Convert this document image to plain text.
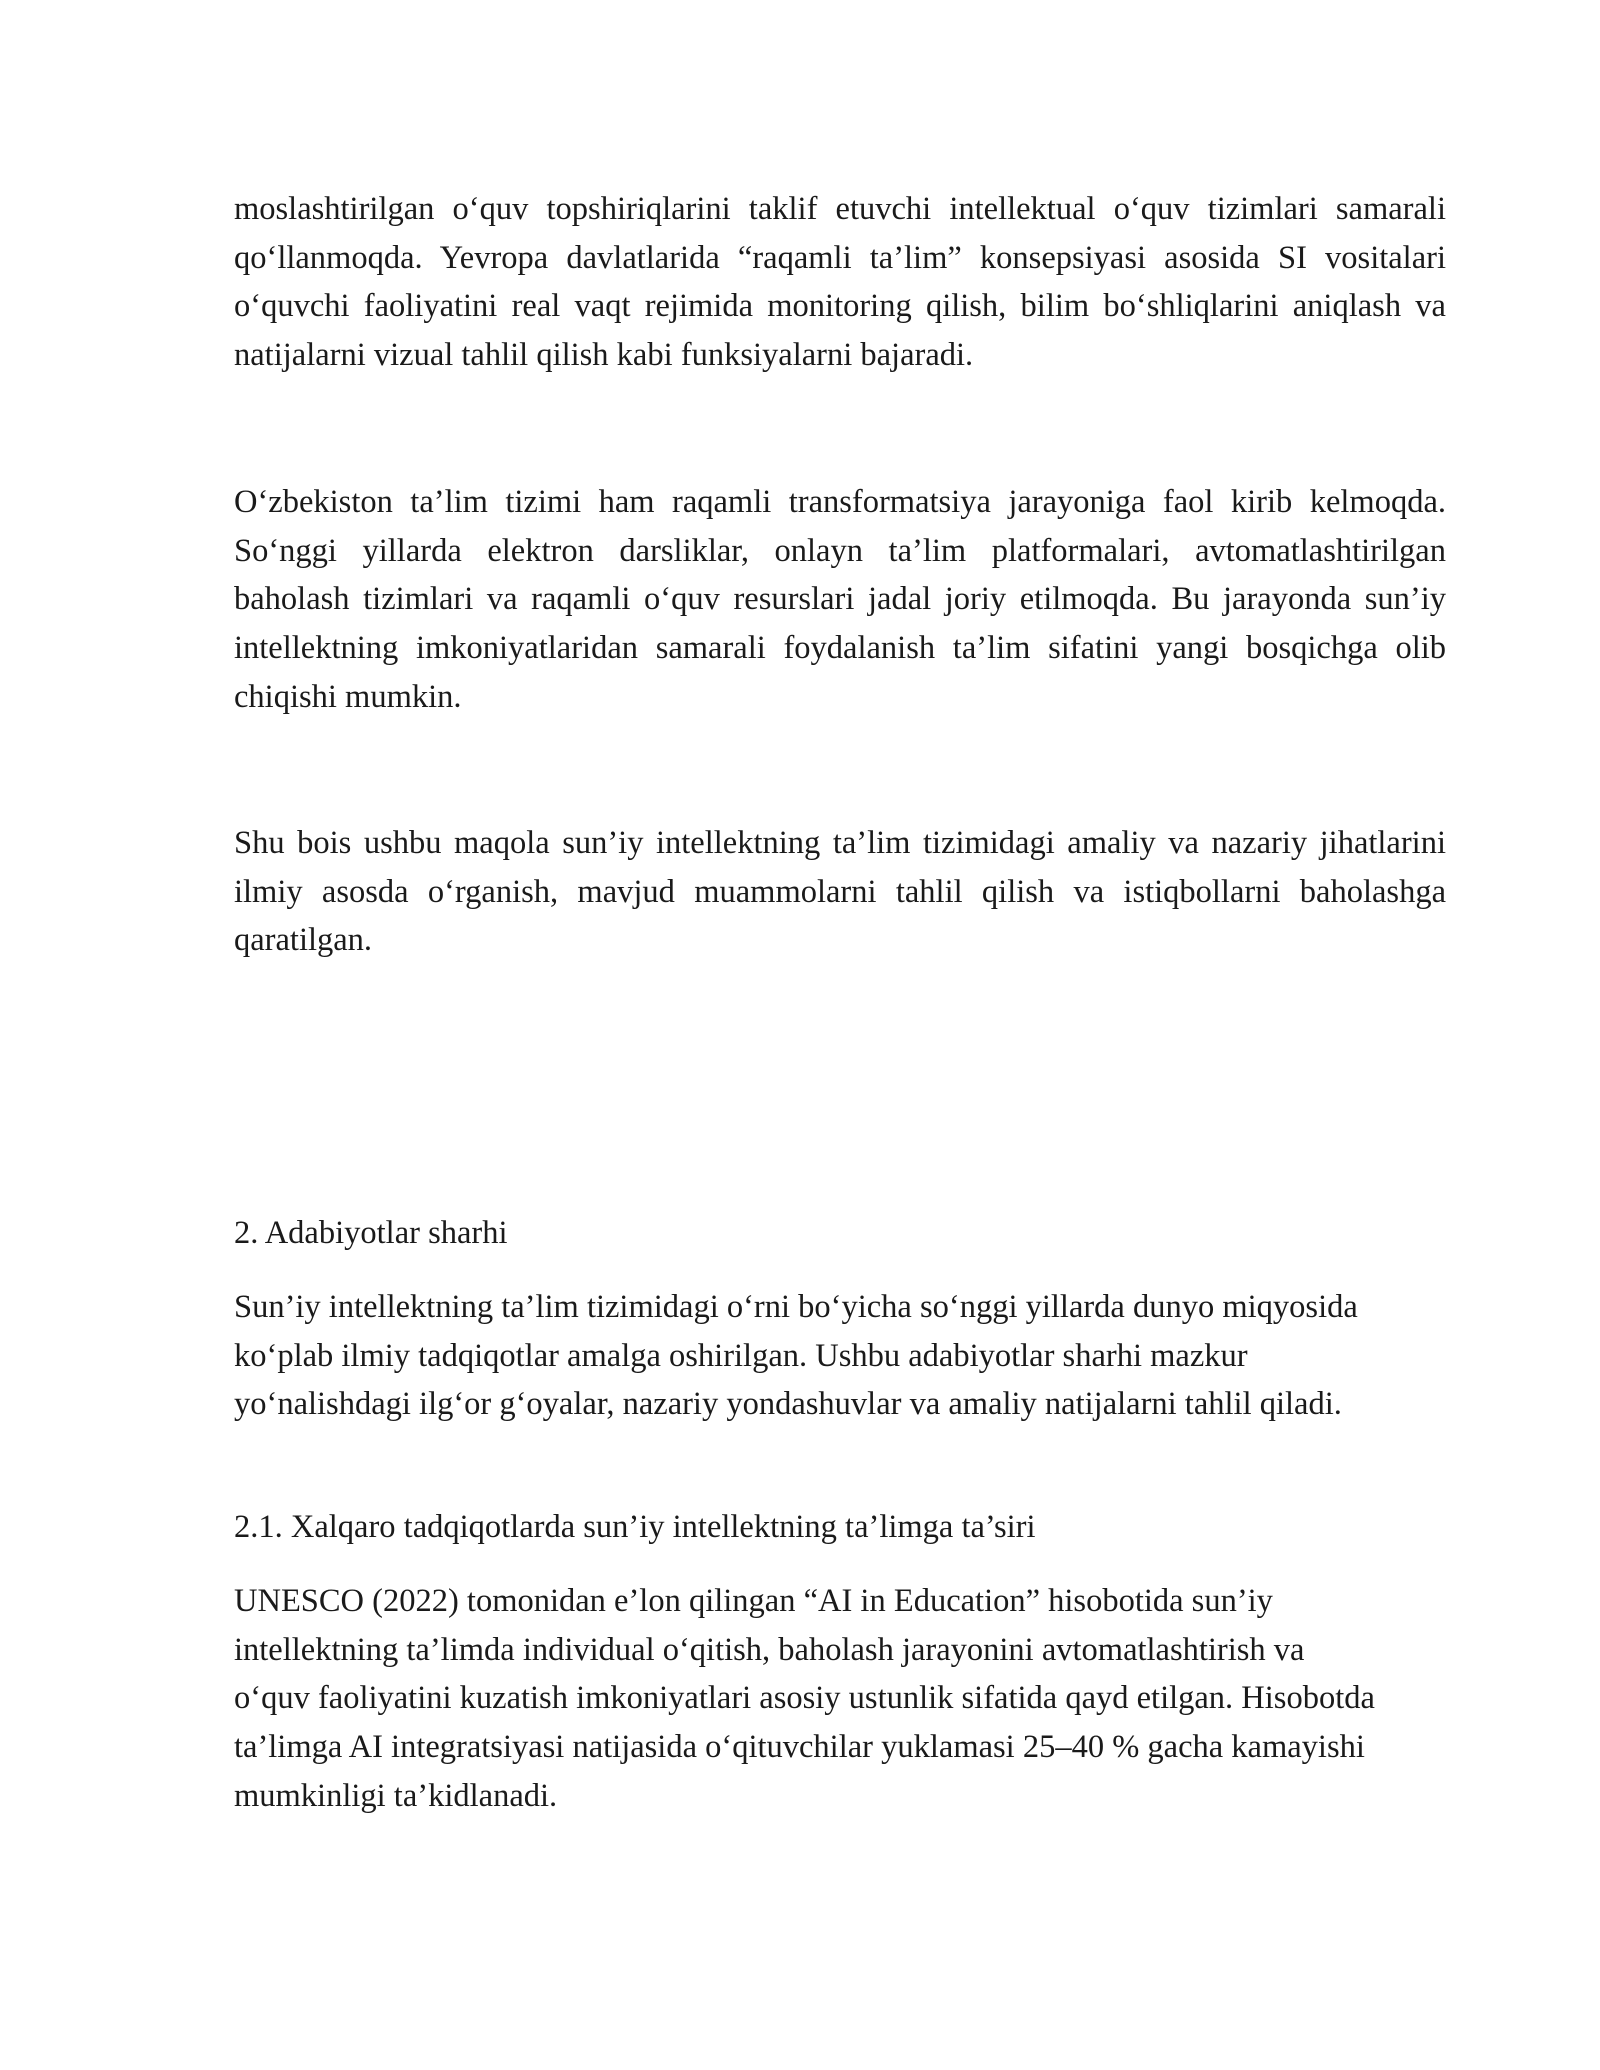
moslashtirilgan o‘quv topshiriqlarini taklif etuvchi intellektual o‘quv tizimlari samarali qo‘llanmoqda. Yevropa davlatlarida “raqamli ta’lim” konsepsiyasi asosida SI vositalari o‘quvchi faoliyatini real vaqt rejimida monitoring qilish, bilim bo‘shliqlarini aniqlash va natijalarni vizual tahlil qilish kabi funksiyalarni bajaradi.

O‘zbekiston ta’lim tizimi ham raqamli transformatsiya jarayoniga faol kirib kelmoqda. So‘nggi yillarda elektron darsliklar, onlayn ta’lim platformalari, avtomatlashtirilgan baholash tizimlari va raqamli o‘quv resurslari jadal joriy etilmoqda. Bu jarayonda sun’iy intellektning imkoniyatlaridan samarali foydalanish ta’lim sifatini yangi bosqichga olib chiqishi mumkin.

Shu bois ushbu maqola sun’iy intellektning ta’lim tizimidagi amaliy va nazariy jihatlarini ilmiy asosda o‘rganish, mavjud muammolarni tahlil qilish va istiqbollarni baholashga qaratilgan.

2. Adabiyotlar sharhi

Sun’iy intellektning ta’lim tizimidagi o‘rni bo‘yicha so‘nggi yillarda dunyo miqyosida ko‘plab ilmiy tadqiqotlar amalga oshirilgan. Ushbu adabiyotlar sharhi mazkur yo‘nalishdagi ilg‘or g‘oyalar, nazariy yondashuvlar va amaliy natijalarni tahlil qiladi.

2.1. Xalqaro tadqiqotlarda sun’iy intellektning ta’limga ta’siri

UNESCO (2022) tomonidan e’lon qilingan “AI in Education” hisobotida sun’iy intellektning ta’limda individual o‘qitish, baholash jarayonini avtomatlashtirish va o‘quv faoliyatini kuzatish imkoniyatlari asosiy ustunlik sifatida qayd etilgan. Hisobotda ta’limga AI integratsiyasi natijasida o‘qituvchilar yuklamasi 25–40 % gacha kamayishi mumkinligi ta’kidlanadi.
